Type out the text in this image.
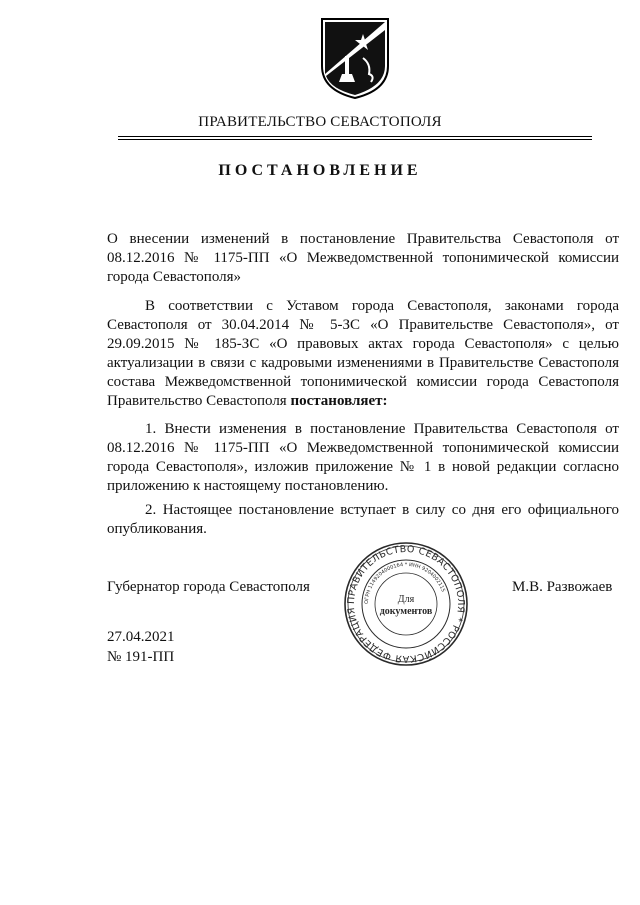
ПРАВИТЕЛЬСТВО СЕВАСТОПОЛЯ
ПОСТАНОВЛЕНИЕ
О внесении изменений в постановление Правительства Севастополя от 08.12.2016 № 1175-ПП «О Межведомственной топонимической комиссии города Севастополя»
В соответствии с Уставом города Севастополя, законами города Севастополя от 30.04.2014 № 5-ЗС «О Правительстве Севастополя», от 29.09.2015 № 185-ЗС «О правовых актах города Севастополя» с целью актуализации в связи с кадровыми изменениями в Правительстве Севастополя состава Межведомственной топонимической комиссии города Севастополя Правительство Севастополя постановляет:
1. Внести изменения в постановление Правительства Севастополя от 08.12.2016 № 1175-ПП «О Межведомственной топонимической комиссии города Севастополя», изложив приложение № 1 в новой редакции согласно приложению к настоящему постановлению.
2. Настоящее постановление вступает в силу со дня его официального опубликования.
Губернатор города Севастополя	М.В. Развожаев
ПРАВИТЕЛЬСТВО СЕВАСТОПОЛЯ * РОССИЙСКАЯ ФЕДЕРАЦИЯ
ОГРН 1149204000164 * ИНН 9204002115
Для
документов
27.04.2021
№ 191-ПП
